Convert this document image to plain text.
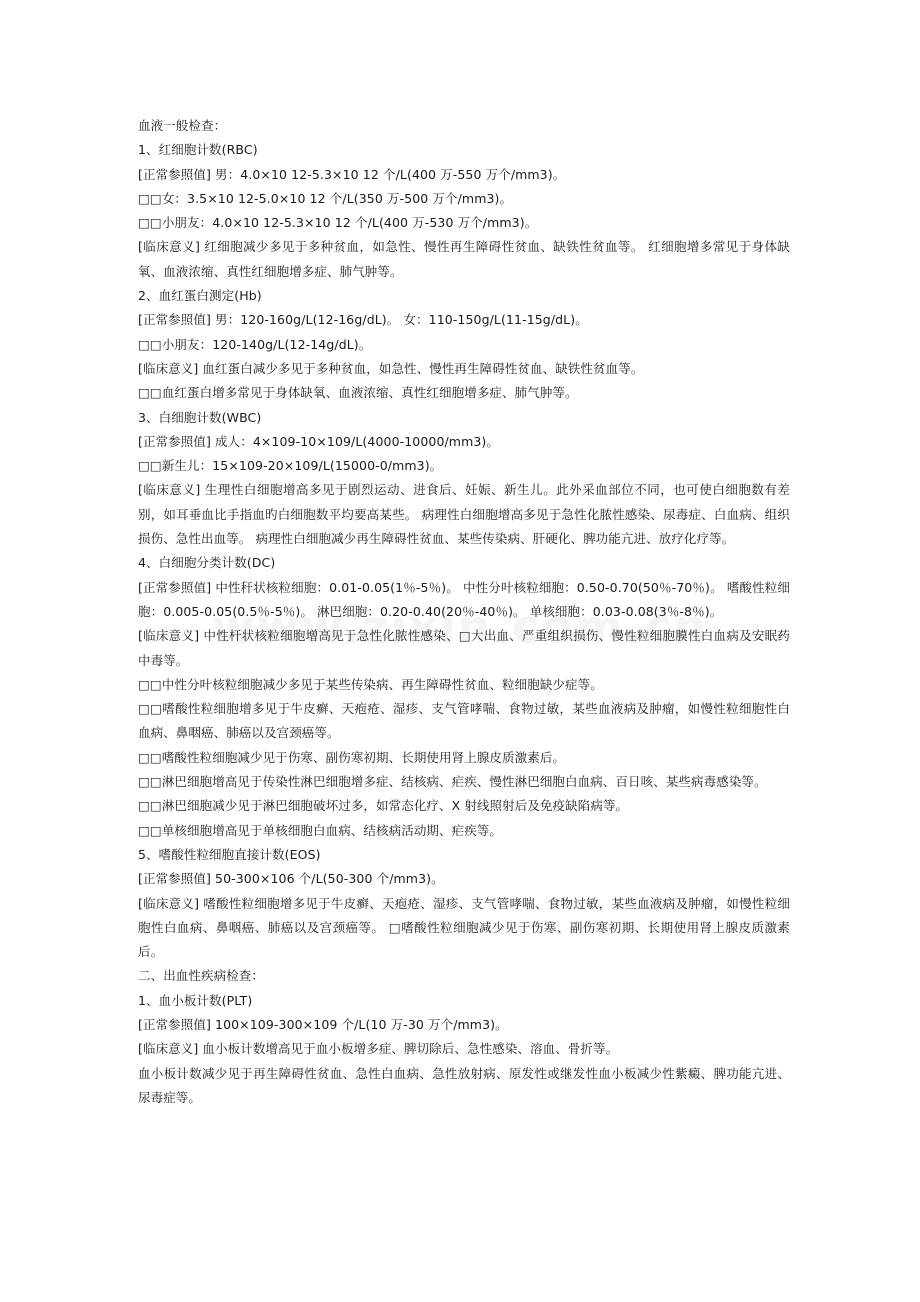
血液一般检查：

1、红细胞计数(RBC)

[正常参照值] 男：4.0×10 12-5.3×10 12 个/L(400 万-550 万个/mm3)。

□□女：3.5×10 12-5.0×10 12 个/L(350 万-500 万个/mm3)。

□□小朋友：4.0×10 12-5.3×10 12 个/L(400 万-530 万个/mm3)。

[临床意义] 红细胞减少多见于多种贫血，如急性、慢性再生障碍性贫血、缺铁性贫血等。 红细胞增多常见于身体缺氧、血液浓缩、真性红细胞增多症、肺气肿等。

2、血红蛋白测定(Hb)

[正常参照值] 男：120-160g/L(12-16g/dL)。 女：110-150g/L(11-15g/dL)。

□□小朋友：120-140g/L(12-14g/dL)。

[临床意义] 血红蛋白减少多见于多种贫血，如急性、慢性再生障碍性贫血、缺铁性贫血等。

□□血红蛋白增多常见于身体缺氧、血液浓缩、真性红细胞增多症、肺气肿等。

3、白细胞计数(WBC)

[正常参照值] 成人：4×109-10×109/L(4000-10000/mm3)。

□□新生儿：15×109-20×109/L(15000-0/mm3)。

[临床意义] 生理性白细胞增高多见于剧烈运动、进食后、妊娠、新生儿。此外采血部位不同，也可使白细胞数有差别，如耳垂血比手指血旳白细胞数平均要高某些。 病理性白细胞增高多见于急性化脓性感染、尿毒症、白血病、组织损伤、急性出血等。 病理性白细胞减少再生障碍性贫血、某些传染病、肝硬化、脾功能亢进、放疗化疗等。

4、白细胞分类计数(DC)

[正常参照值] 中性秆状核粒细胞：0.01-0.05(1％-5％)。 中性分叶核粒细胞：0.50-0.70(50％-70％)。 嗜酸性粒细胞：0.005-0.05(0.5％-5％)。 淋巴细胞：0.20-0.40(20％-40％)。 单核细胞：0.03-0.08(3％-8％)。

[临床意义] 中性杆状核粒细胞增高见于急性化脓性感染、□大出血、严重组织损伤、慢性粒细胞膜性白血病及安眠药中毒等。

□□中性分叶核粒细胞减少多见于某些传染病、再生障碍性贫血、粒细胞缺少症等。

□□嗜酸性粒细胞增多见于牛皮癣、天疱疮、湿疹、支气管哮喘、食物过敏，某些血液病及肿瘤，如慢性粒细胞性白血病、鼻咽癌、肺癌以及宫颈癌等。

□□嗜酸性粒细胞减少见于伤寒、副伤寒初期、长期使用肾上腺皮质激素后。

□□淋巴细胞增高见于传染性淋巴细胞增多症、结核病、疟疾、慢性淋巴细胞白血病、百日咳、某些病毒感染等。

□□淋巴细胞减少见于淋巴细胞破坏过多，如常态化疗、X 射线照射后及免疫缺陷病等。

□□单核细胞增高见于单核细胞白血病、结核病活动期、疟疾等。

5、嗜酸性粒细胞直接计数(EOS)

[正常参照值] 50-300×106 个/L(50-300 个/mm3)。

[临床意义] 嗜酸性粒细胞增多见于牛皮癣、天疱疮、湿疹、支气管哮喘、食物过敏，某些血液病及肿瘤，如慢性粒细胞性白血病、鼻咽癌、肺癌以及宫颈癌等。 □嗜酸性粒细胞减少见于伤寒、副伤寒初期、长期使用肾上腺皮质激素后。

二、出血性疾病检查：

1、血小板计数(PLT)

[正常参照值] 100×109-300×109 个/L(10 万-30 万个/mm3)。

[临床意义] 血小板计数增高见于血小板增多症、脾切除后、急性感染、溶血、骨折等。

血小板计数减少见于再生障碍性贫血、急性白血病、急性放射病、原发性或继发性血小板减少性紫癜、脾功能亢进、尿毒症等。
